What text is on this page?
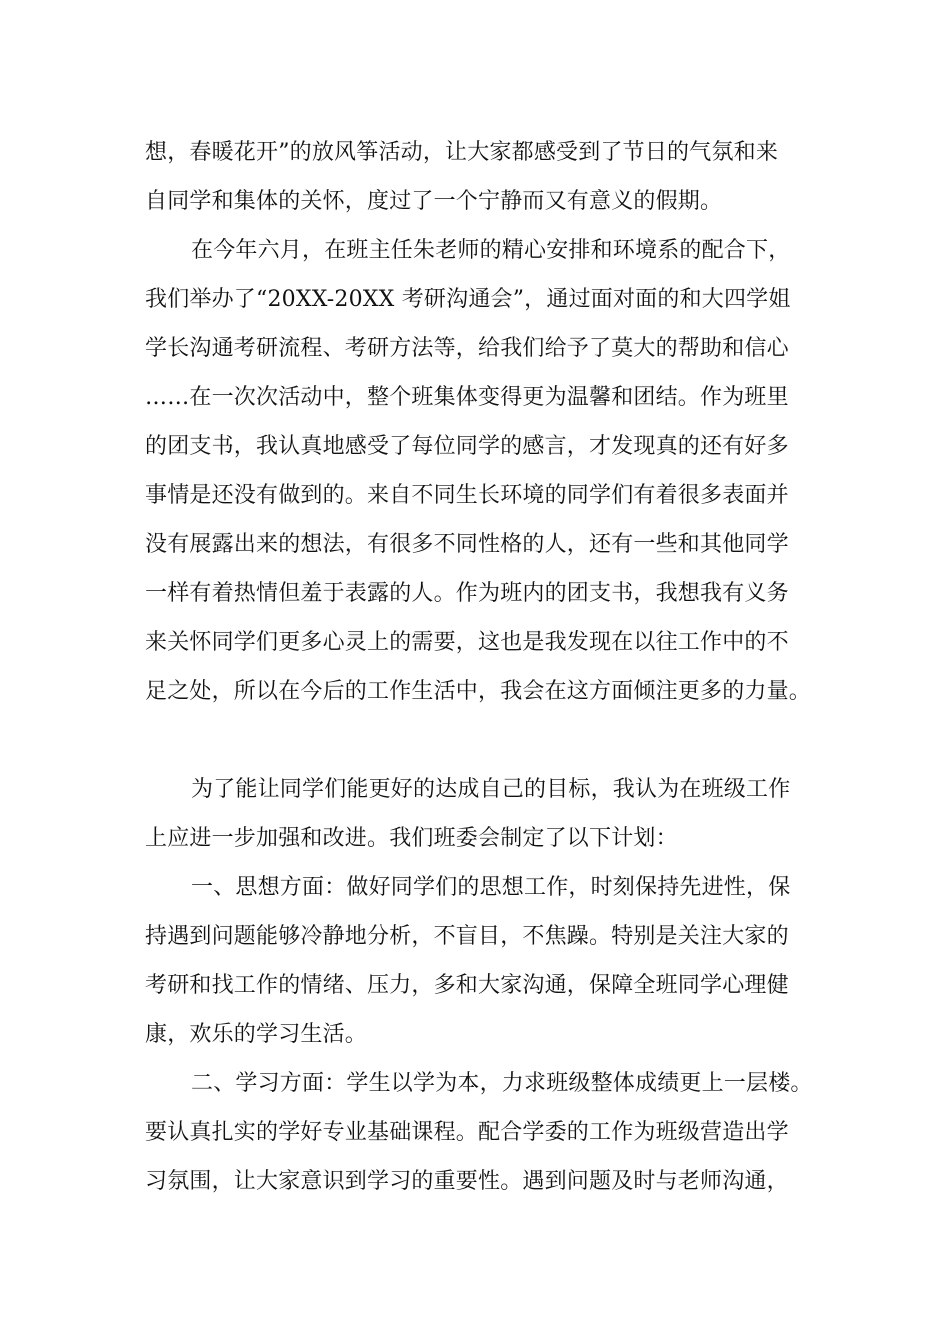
想，春暖花开”的放风筝活动，让大家都感受到了节日的气氛和来
自同学和集体的关怀，度过了一个宁静而又有意义的假期。
在今年六月，在班主任朱老师的精心安排和环境系的配合下，
我们举办了“20XX-20XX 考研沟通会”，通过面对面的和大四学姐
学长沟通考研流程、考研方法等，给我们给予了莫大的帮助和信心
……在一次次活动中，整个班集体变得更为温馨和团结。作为班里
的团支书，我认真地感受了每位同学的感言，才发现真的还有好多
事情是还没有做到的。来自不同生长环境的同学们有着很多表面并
没有展露出来的想法，有很多不同性格的人，还有一些和其他同学
一样有着热情但羞于表露的人。作为班内的团支书，我想我有义务
来关怀同学们更多心灵上的需要，这也是我发现在以往工作中的不
足之处，所以在今后的工作生活中，我会在这方面倾注更多的力量。
为了能让同学们能更好的达成自己的目标，我认为在班级工作
上应进一步加强和改进。我们班委会制定了以下计划：
一、思想方面：做好同学们的思想工作，时刻保持先进性，保
持遇到问题能够冷静地分析，不盲目，不焦躁。特别是关注大家的
考研和找工作的情绪、压力，多和大家沟通，保障全班同学心理健
康，欢乐的学习生活。
二、学习方面：学生以学为本，力求班级整体成绩更上一层楼。
要认真扎实的学好专业基础课程。配合学委的工作为班级营造出学
习氛围，让大家意识到学习的重要性。遇到问题及时与老师沟通，
